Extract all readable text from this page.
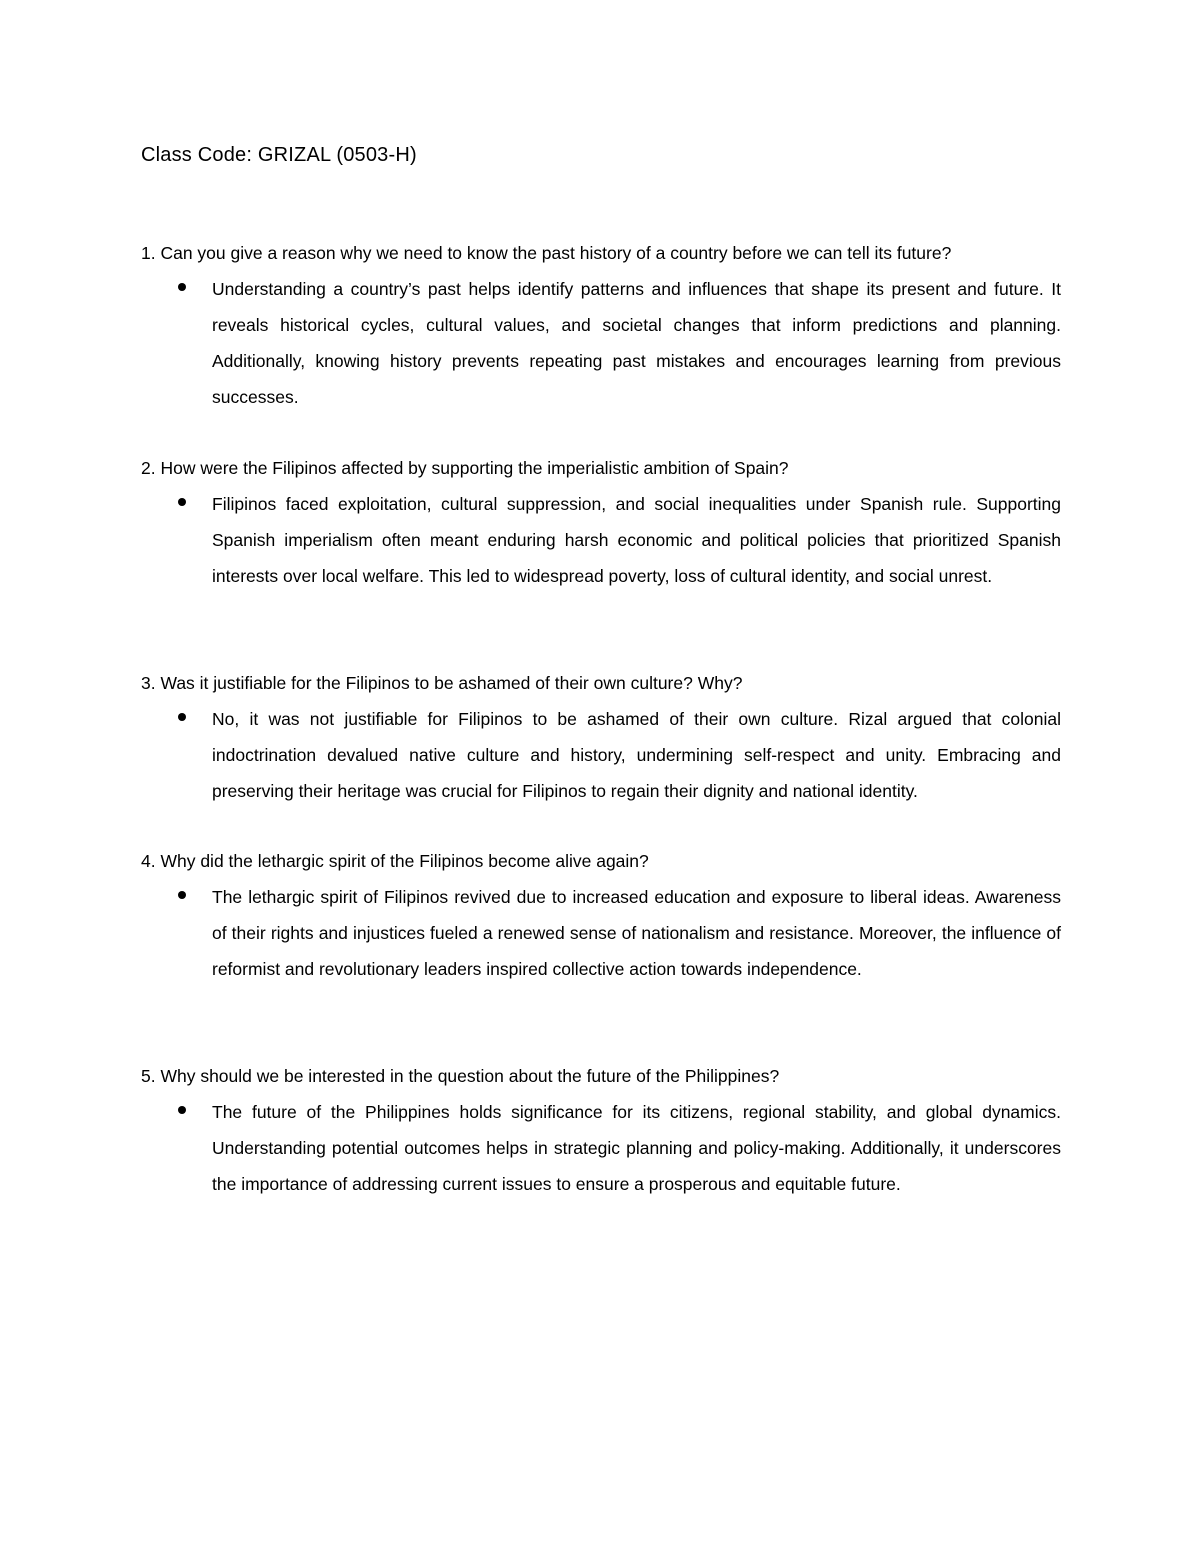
Class Code: GRIZAL (0503-H)

1. Can you give a reason why we need to know the past history of a country before we can tell its future?

Understanding a country’s past helps identify patterns and influences that shape its present and future. It reveals historical cycles, cultural values, and societal changes that inform predictions and planning. Additionally, knowing history prevents repeating past mistakes and encourages learning from previous successes.

2. How were the Filipinos affected by supporting the imperialistic ambition of Spain?

Filipinos faced exploitation, cultural suppression, and social inequalities under Spanish rule. Supporting Spanish imperialism often meant enduring harsh economic and political policies that prioritized Spanish interests over local welfare. This led to widespread poverty, loss of cultural identity, and social unrest.

3. Was it justifiable for the Filipinos to be ashamed of their own culture? Why?

No, it was not justifiable for Filipinos to be ashamed of their own culture. Rizal argued that colonial indoctrination devalued native culture and history, undermining self-respect and unity. Embracing and preserving their heritage was crucial for Filipinos to regain their dignity and national identity.

4. Why did the lethargic spirit of the Filipinos become alive again?

The lethargic spirit of Filipinos revived due to increased education and exposure to liberal ideas. Awareness of their rights and injustices fueled a renewed sense of nationalism and resistance. Moreover, the influence of reformist and revolutionary leaders inspired collective action towards independence.

5. Why should we be interested in the question about the future of the Philippines?

The future of the Philippines holds significance for its citizens, regional stability, and global dynamics. Understanding potential outcomes helps in strategic planning and policy-making. Additionally, it underscores the importance of addressing current issues to ensure a prosperous and equitable future.
